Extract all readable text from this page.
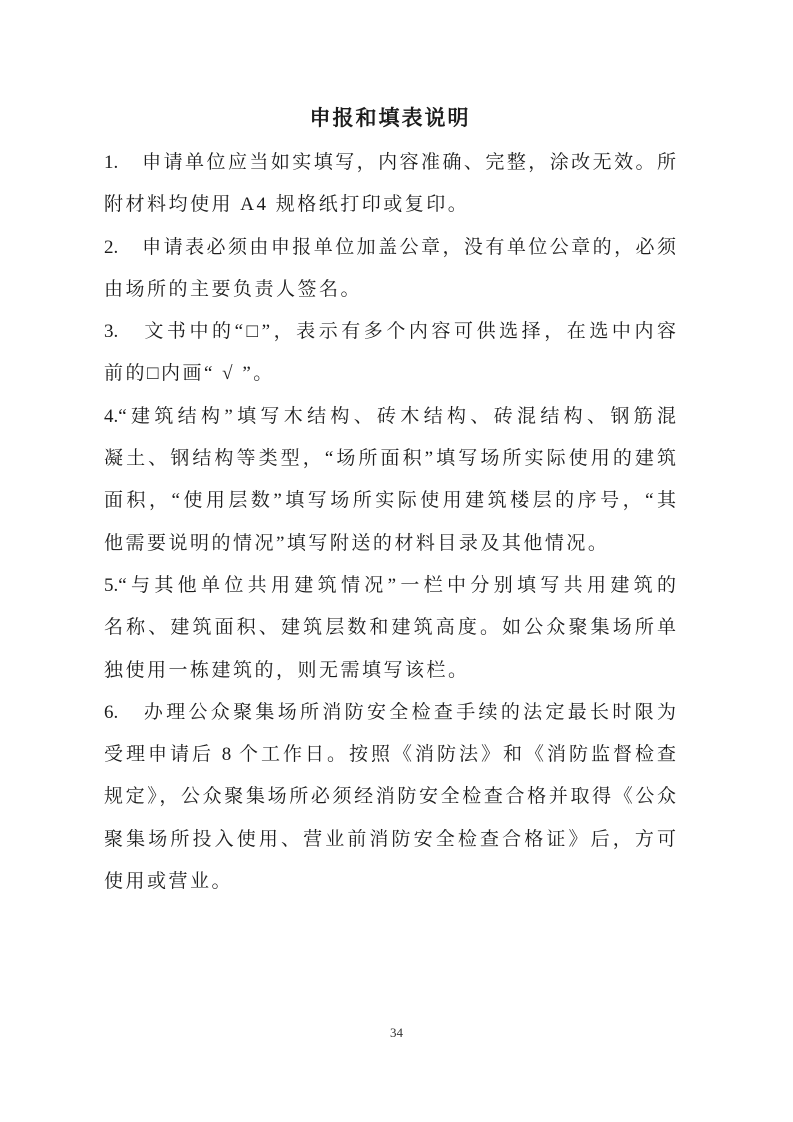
申报和填表说明
1.　申请单位应当如实填写，内容准确、完整，涂改无效。所
附材料均使用 A4 规格纸打印或复印。
2.　申请表必须由申报单位加盖公章，没有单位公章的，必须
由场所的主要负责人签名。
3.　文书中的“□”，表示有多个内容可供选择，在选中内容
前的□内画“ √ ”。
4.“建筑结构”填写木结构、砖木结构、砖混结构、钢筋混
凝土、钢结构等类型，“场所面积”填写场所实际使用的建筑
面积，“使用层数”填写场所实际使用建筑楼层的序号，“其
他需要说明的情况”填写附送的材料目录及其他情况。
5.“与其他单位共用建筑情况”一栏中分别填写共用建筑的
名称、建筑面积、建筑层数和建筑高度。如公众聚集场所单
独使用一栋建筑的，则无需填写该栏。
6.　办理公众聚集场所消防安全检查手续的法定最长时限为
受理申请后 8 个工作日。按照《消防法》和《消防监督检查
规定》，公众聚集场所必须经消防安全检查合格并取得《公众
聚集场所投入使用、营业前消防安全检查合格证》后，方可
使用或营业。
34
